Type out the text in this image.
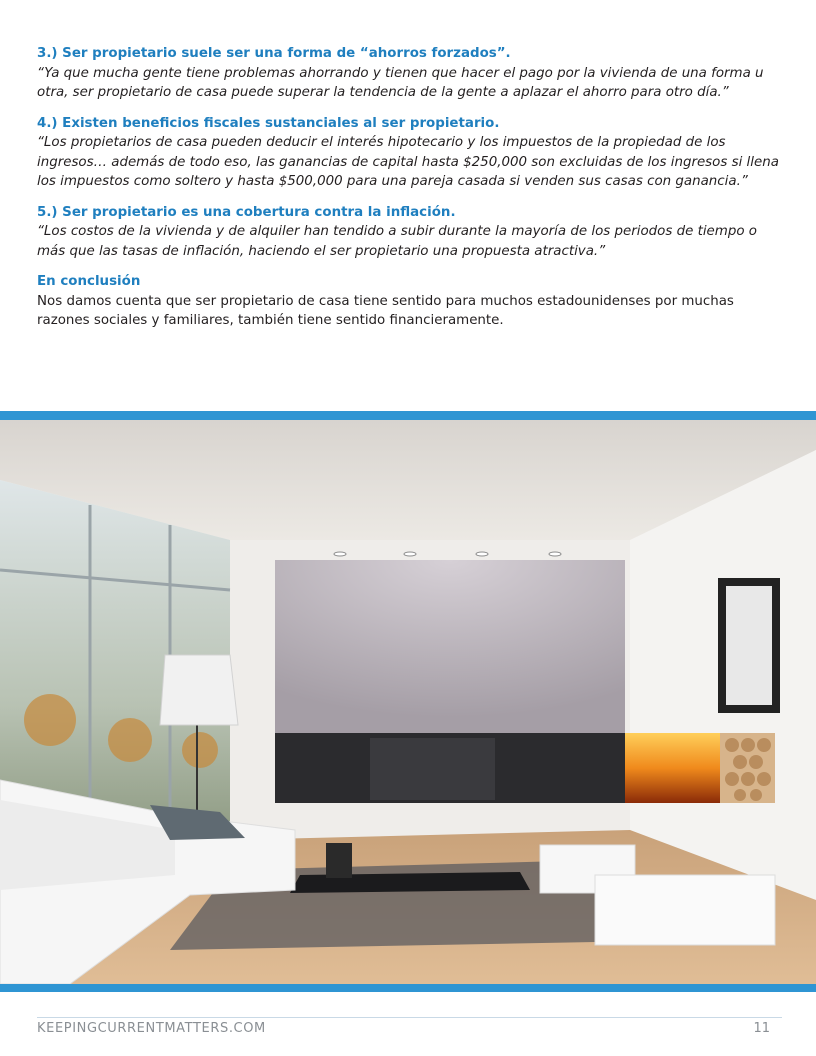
3.) Ser propietario suele ser una forma de “ahorros forzados”.
“Ya que mucha gente tiene problemas ahorrando y tienen que hacer el pago por la vivienda de una forma u otra, ser propietario de casa puede superar la tendencia de la gente a aplazar el ahorro para otro día.”
4.) Existen beneficios fiscales sustanciales al ser propietario.
“Los propietarios de casa pueden deducir el interés hipotecario y los impuestos de la propiedad de los ingresos… además de todo eso, las ganancias de capital hasta $250,000 son excluidas de los ingresos si llena los impuestos como soltero y hasta $500,000 para una pareja casada si venden sus casas con ganancia.”
5.) Ser propietario es una cobertura contra la inflación.
“Los costos de la vivienda y de alquiler han tendido a subir durante la mayoría de los periodos de tiempo o más que las tasas de inflación, haciendo el ser propietario una propuesta atractiva.”
En conclusión
Nos damos cuenta que ser propietario de casa tiene sentido para muchos estadounidenses por muchas razones sociales y familiares, también tiene sentido financieramente.
KEEPINGCURRENTMATTERS.COM	11
